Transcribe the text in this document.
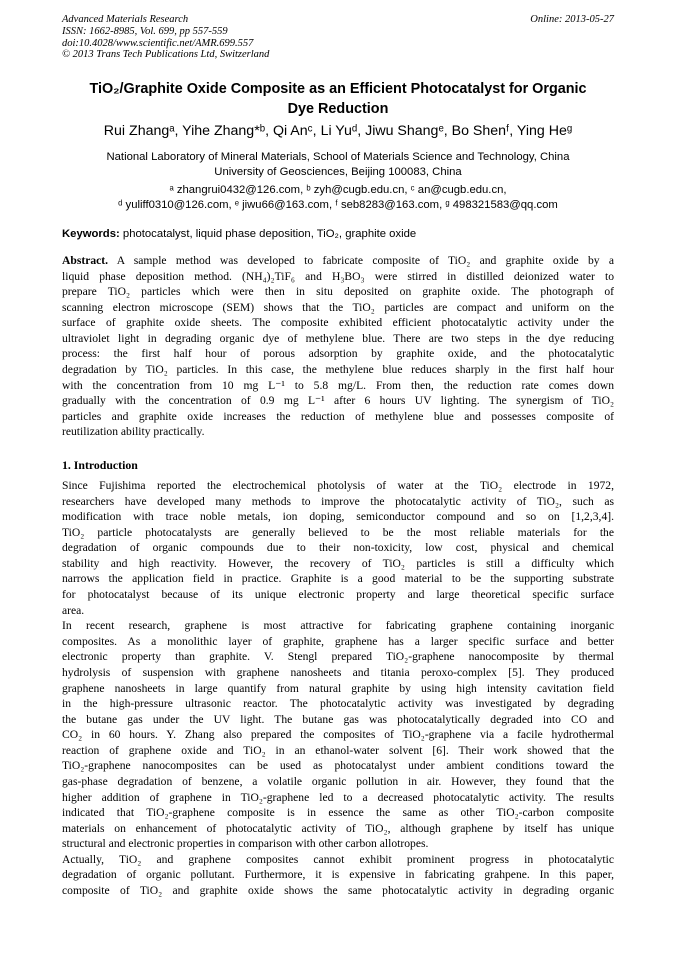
Advanced Materials Research
ISSN: 1662-8985, Vol. 699, pp 557-559
doi:10.4028/www.scientific.net/AMR.699.557
© 2013 Trans Tech Publications Ltd, Switzerland
Online: 2013-05-27
TiO₂/Graphite Oxide Composite as an Efficient Photocatalyst for Organic
Dye Reduction
Rui Zhangᵃ, Yihe Zhang*ᵇ, Qi Anᶜ, Li Yuᵈ, Jiwu Shangᵉ, Bo Shenᶠ, Ying Heᵍ
National Laboratory of Mineral Materials, School of Materials Science and Technology, China
University of Geosciences, Beijing 100083, China
ᵃ zhangrui0432@126.com, ᵇ zyh@cugb.edu.cn, ᶜ an@cugb.edu.cn,
ᵈ yuliff0310@126.com, ᵉ jiwu66@163.com, ᶠ seb8283@163.com, ᵍ 498321583@qq.com
Keywords: photocatalyst, liquid phase deposition, TiO₂, graphite oxide
Abstract. A sample method was developed to fabricate composite of TiO₂ and graphite oxide by a
liquid phase deposition method. (NH₄)₂TiF₆ and H₃BO₃ were stirred in distilled deionized water to
prepare TiO₂ particles which were then in situ deposited on graphite oxide. The photograph of
scanning electron microscope (SEM) shows that the TiO₂ particles are compact and uniform on the
surface of graphite oxide sheets. The composite exhibited efficient photocatalytic activity under the
ultraviolet light in degrading organic dye of methylene blue. There are two steps in the dye reducing
process: the first half hour of porous adsorption by graphite oxide, and the photocatalytic
degradation by TiO₂ particles. In this case, the methylene blue reduces sharply in the first half hour
with the concentration from 10 mg L⁻¹ to 5.8 mg/L. From then, the reduction rate comes down
gradually with the concentration of 0.9 mg L⁻¹ after 6 hours UV lighting. The synergism of TiO₂
particles and graphite oxide increases the reduction of methylene blue and possesses composite of
reutilization ability practically.
1. Introduction
Since Fujishima reported the electrochemical photolysis of water at the TiO₂ electrode in 1972,
researchers have developed many methods to improve the photocatalytic activity of TiO₂, such as
modification with trace noble metals, ion doping, semiconductor compound and so on [1,2,3,4].
TiO₂ particle photocatalysts are generally believed to be the most reliable materials for the
degradation of organic compounds due to their non-toxicity, low cost, physical and chemical
stability and high reactivity. However, the recovery of TiO₂ particles is still a difficulty which
narrows the application field in practice. Graphite is a good material to be the supporting substrate
for photocatalyst because of its unique electronic property and large theoretical specific surface
area.
In recent research, graphene is most attractive for fabricating graphene containing inorganic
composites. As a monolithic layer of graphite, graphene has a larger specific surface and better
electronic property than graphite. V. Stengl prepared TiO₂-graphene nanocomposite by thermal
hydrolysis of suspension with graphene nanosheets and titania peroxo-complex [5]. They produced
graphene nanosheets in large quantify from natural graphite by using high intensity cavitation field
in the high-pressure ultrasonic reactor. The photocatalytic activity was investigated by degrading
the butane gas under the UV light. The butane gas was photocatalytically degraded into CO and
CO₂ in 60 hours. Y. Zhang also prepared the composites of TiO₂-graphene via a facile hydrothermal
reaction of graphene oxide and TiO₂ in an ethanol-water solvent [6]. Their work showed that the
TiO₂-graphene nanocomposites can be used as photocatalyst under ambient conditions toward the
gas-phase degradation of benzene, a volatile organic pollution in air. However, they found that the
higher addition of graphene in TiO₂-graphene led to a decreased photocatalytic activity. The results
indicated that TiO₂-graphene composite is in essence the same as other TiO₂-carbon composite
materials on enhancement of photocatalytic activity of TiO₂, although graphene by itself has unique
structural and electronic properties in comparison with other carbon allotropes.
Actually, TiO₂ and graphene composites cannot exhibit prominent progress in photocatalytic
degradation of organic pollutant. Furthermore, it is expensive in fabricating grahpene. In this paper,
composite of TiO₂ and graphite oxide shows the same photocatalytic activity in degrading organic
